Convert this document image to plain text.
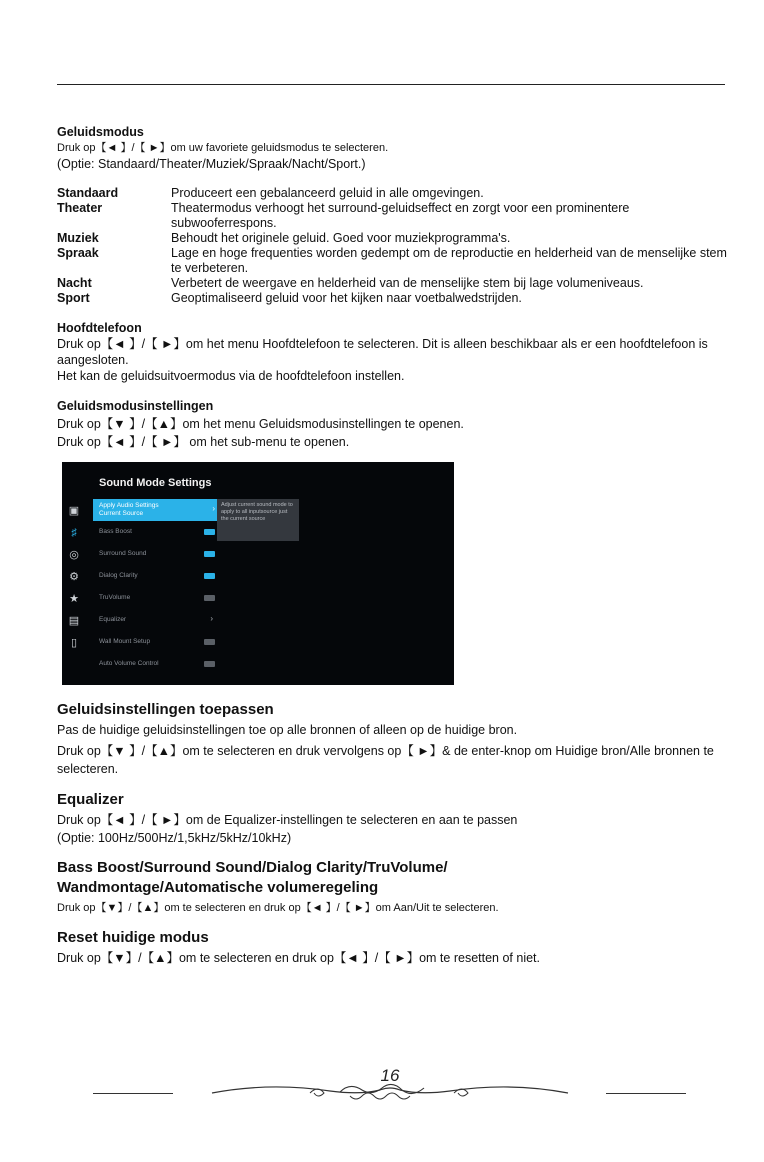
Geluidsmodus

Druk op【◄ 】/【 ►】om uw favoriete geluidsmodus te selecteren.

(Optie: Standaard/Theater/Muziek/Spraak/Nacht/Sport.)

Standaard	Produceert een gebalanceerd geluid in alle omgevingen.
Theater	Theatermodus verhoogt het surround-geluidseffect en zorgt voor een prominentere subwooferrespons.
Muziek	Behoudt het originele geluid. Goed voor muziekprogramma's.
Spraak	Lage en hoge frequenties worden gedempt om de reproductie en helderheid van de menselijke stem te verbeteren.
Nacht	Verbetert de weergave en helderheid van de menselijke stem bij lage volumeniveaus.
Sport	Geoptimaliseerd geluid voor het kijken naar voetbalwedstrijden.

Hoofdtelefoon

Druk op【◄ 】/【 ►】om het menu Hoofdtelefoon te selecteren. Dit is alleen beschikbaar als er een hoofdtelefoon is aangesloten.

Het kan de geluidsuitvoermodus via de hoofdtelefoon instellen.

Geluidsmodusinstellingen

Druk op【▼ 】/【▲】om het menu Geluidsmodusinstellingen te openen.

Druk op【◄ 】/【 ►】 om het sub-menu te openen.

Sound Mode Settings
▣
♯
◎
⚙
★
▤
▯
Apply Audio Settings
Current Source
›	Adjust current sound mode to apply to all inputsource just the current source
Bass Boost
Surround Sound
Dialog Clarity
TruVolume
Equalizer	›
Wall Mount Setup
Auto Volume Control

Geluidsinstellingen toepassen

Pas de huidige geluidsinstellingen toe op alle bronnen of alleen op de huidige bron.

Druk op【▼ 】/【▲】om te selecteren en druk vervolgens op【 ►】& de enter-knop om Huidige bron/Alle bronnen te selecteren.

Equalizer

Druk op【◄ 】/【 ►】om de Equalizer-instellingen te selecteren en aan te passen

(Optie: 100Hz/500Hz/1,5kHz/5kHz/10kHz)

Bass Boost/Surround Sound/Dialog Clarity/TruVolume/

Wandmontage/Automatische volumeregeling

Druk op【▼】/【▲】om te selecteren en druk op【◄ 】/【 ►】om Aan/Uit te selecteren.

Reset huidige modus

Druk op【▼】/【▲】om te selecteren en druk op【◄ 】/【 ►】om te resetten of niet.

16
